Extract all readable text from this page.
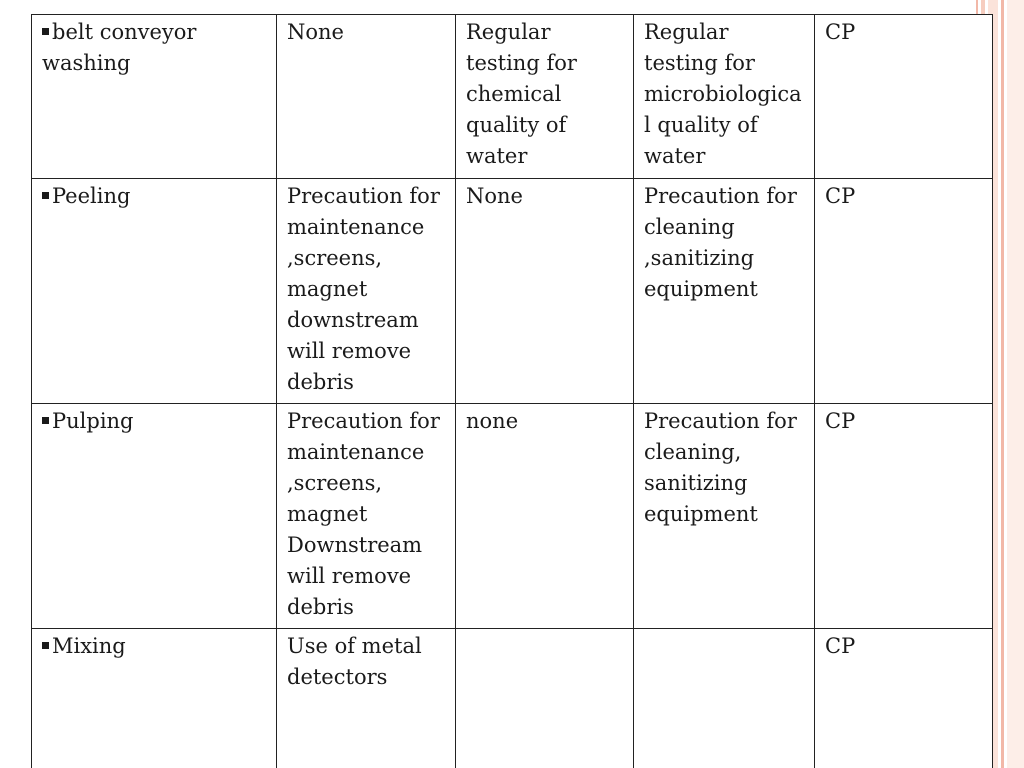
belt conveyor washing	None	Regular testing for chemical quality of water	Regular testing for microbiologica l quality of water	CP
Peeling	Precaution for maintenance ,screens, magnet downstream will remove debris	None	Precaution for cleaning ,sanitizing equipment	CP
Pulping	Precaution for maintenance ,screens, magnet Downstream will remove debris	none	Precaution for cleaning, sanitizing equipment	CP
Mixing	Use of metal detectors			CP
